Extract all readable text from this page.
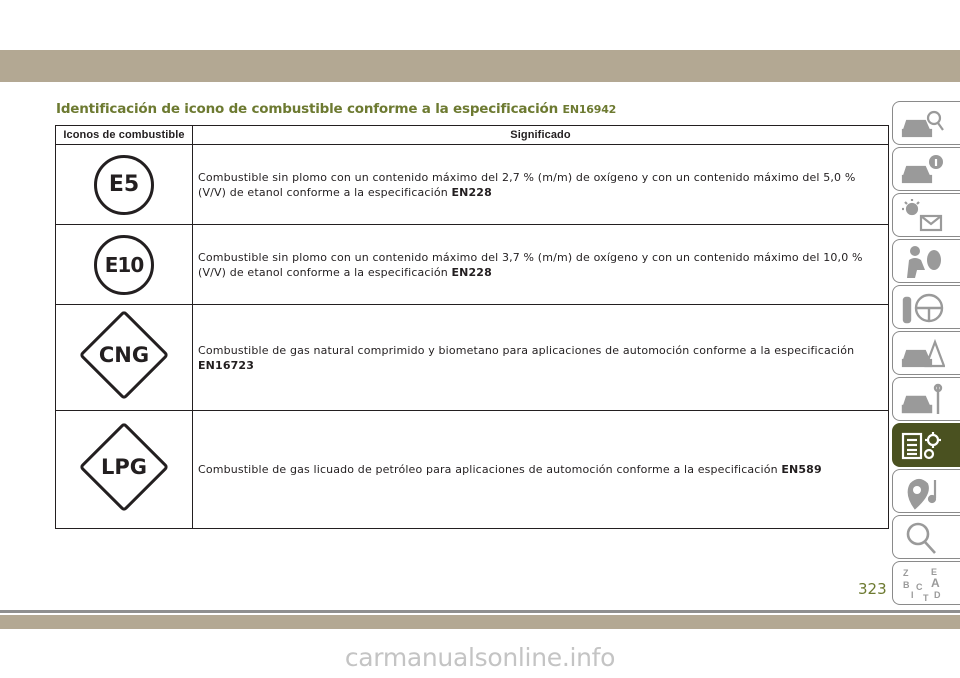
Identificación de icono de combustible conforme a la especificación EN16942
Iconos de combustible	Significado
E5	Combustible sin plomo con un contenido máximo del 2,7 % (m/m) de oxígeno y con un contenido máximo del 5,0 %
(V/V) de etanol conforme a la especificación EN228
E10	Combustible sin plomo con un contenido máximo del 3,7 % (m/m) de oxígeno y con un contenido máximo del 10,0 %
(V/V) de etanol conforme a la especificación EN228

CNG	Combustible de gas natural comprimido y biometano para aplicaciones de automoción conforme a la especificación
EN16723

LPG	Combustible de gas licuado de petróleo para aplicaciones de automoción conforme a la especificación EN589
Z	E
B A
I
C
D
T
323
carmanualsonline.info
